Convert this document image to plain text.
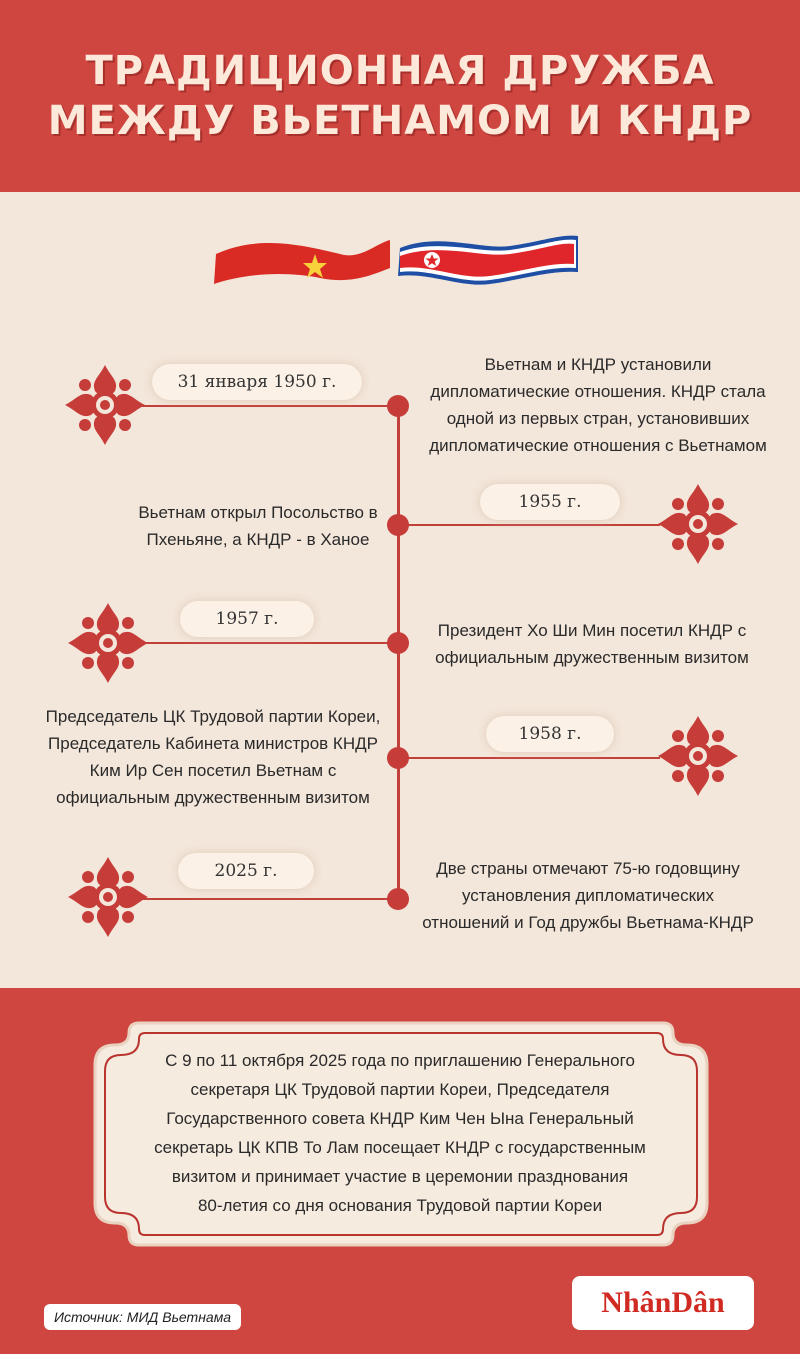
ТРАДИЦИОННАЯ ДРУЖБА
МЕЖДУ ВЬЕТНАМОМ И КНДР
31 января 1950 г.
Вьетнам и КНДР установили
дипломатические отношения. КНДР стала
одной из первых стран, установивших
дипломатические отношения с Вьетнамом
1955 г.
Вьетнам открыл Посольство в
Пхеньяне, а КНДР - в Ханое
1957 г.
Президент Хо Ши Мин посетил КНДР с
официальным дружественным визитом
1958 г.
Председатель ЦК Трудовой партии Кореи,
Председатель Кабинета министров КНДР
Ким Ир Сен посетил Вьетнам с
официальным дружественным визитом
2025 г.	Две страны отмечают 75-ю годовщину
установления дипломатических
отношений и Год дружбы Вьетнама-КНДР
С 9 по 11 октября 2025 года по приглашению Генерального
секретаря ЦК Трудовой партии Кореи, Председателя
Государственного совета КНДР Ким Чен Ына Генеральный
секретарь ЦК КПВ То Лам посещает КНДР с государственным
визитом и принимает участие в церемонии празднования
80-летия со дня основания Трудовой партии Кореи
Источник: МИД Вьетнама	NhânDân
